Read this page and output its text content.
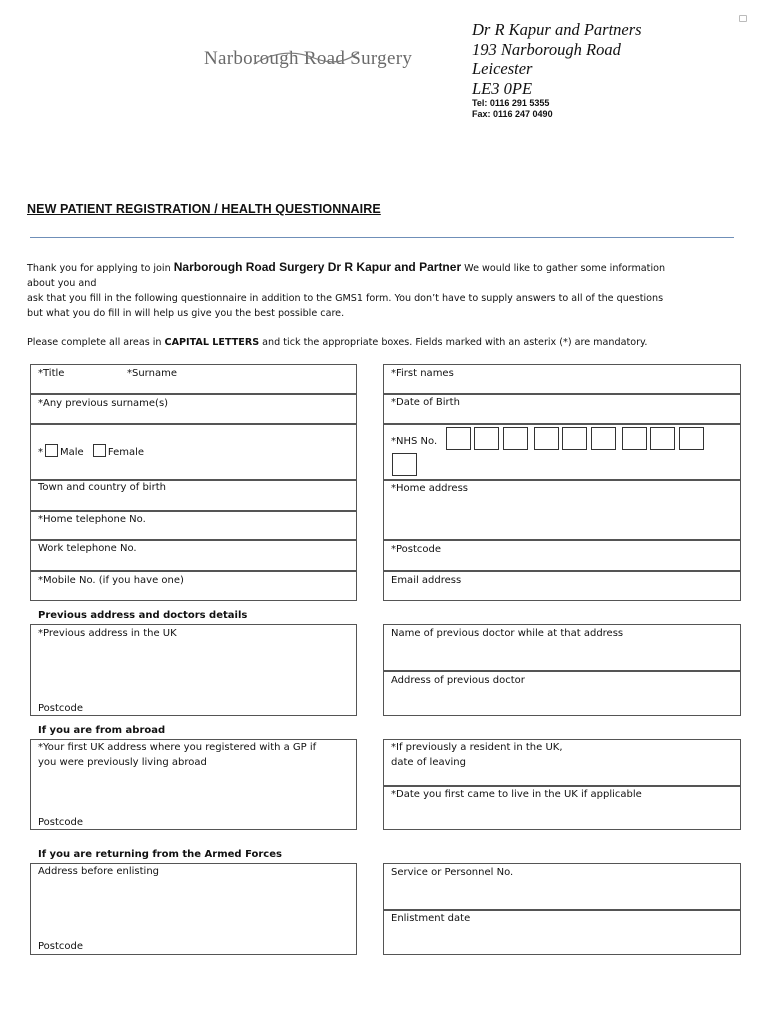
Narborough Road Surgery
Dr R Kapur and Partners
193 Narborough Road
Leicester
LE3 0PE
Tel: 0116 291 5355
Fax: 0116 247 0490
NEW PATIENT REGISTRATION / HEALTH QUESTIONNAIRE
Thank you for applying to join Narborough Road Surgery Dr R Kapur and Partner We would like to gather some information
about you and
ask that you fill in the following questionnaire in addition to the GMS1 form. You don’t have to supply answers to all of the questions
but what you do fill in will help us give you the best possible care.
Please complete all areas in CAPITAL LETTERS and tick the appropriate boxes. Fields marked with an asterix (*) are mandatory.
*Title	*Surname
*Any previous surname(s)
* Male Female
Town and country of birth
*Home telephone No.
Work telephone No.
*Mobile No. (if you have one)
*First names
*Date of Birth
*NHS No.
*Home address
*Postcode
Email address
Previous address and doctors details
*Previous address in the UK
Postcode
Name of previous doctor while at that address
Address of previous doctor
If you are from abroad
*Your first UK address where you registered with a GP if
you were previously living abroad
Postcode
*If previously a resident in the UK,
date of leaving
*Date you first came to live in the UK if applicable
If you are returning from the Armed Forces
Address before enlisting
Postcode
Service or Personnel No.
Enlistment date
